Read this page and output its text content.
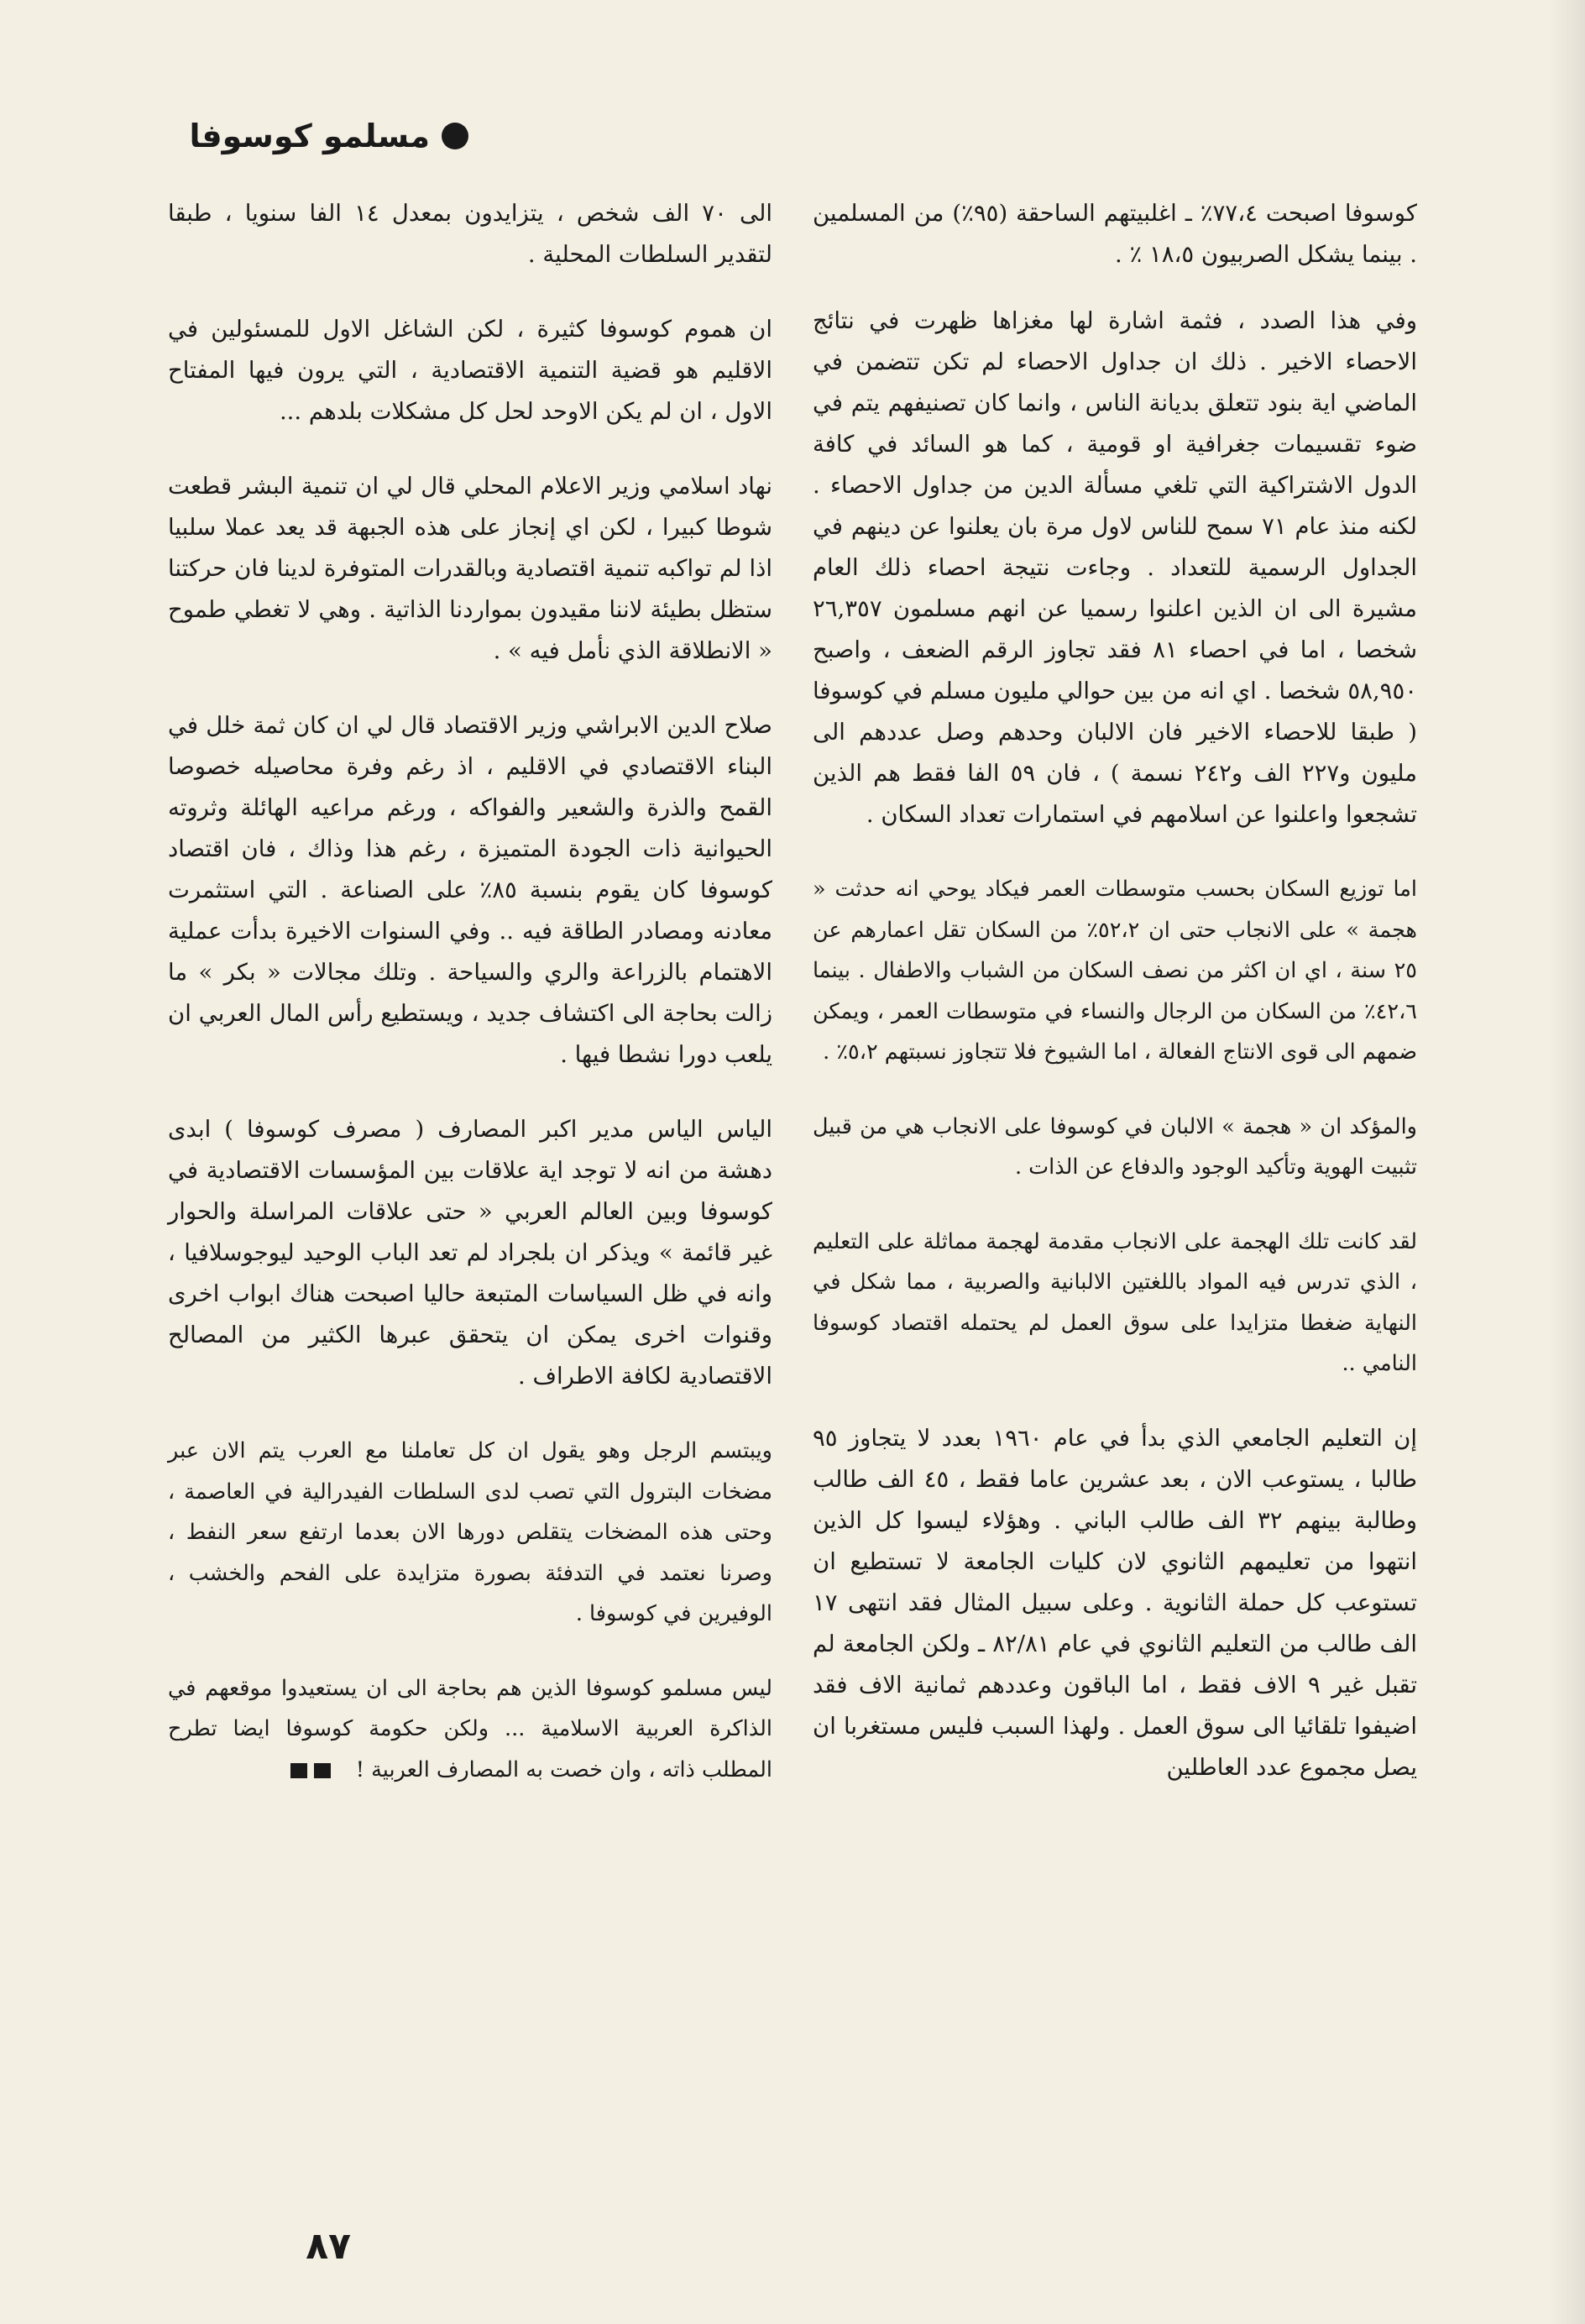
مسلمو كوسوفا

كوسوفا اصبحت ٧٧،٤٪ ـ اغلبيتهم الساحقة (٩٥٪) من المسلمين . بينما يشكل الصربيون ١٨،٥ ٪ .

وفي هذا الصدد ، فثمة اشارة لها مغزاها ظهرت في نتائج الاحصاء الاخير . ذلك ان جداول الاحصاء لم تكن تتضمن في الماضي اية بنود تتعلق بديانة الناس ، وانما كان تصنيفهم يتم في ضوء تقسيمات جغرافية او قومية ، كما هو السائد في كافة الدول الاشتراكية التي تلغي مسألة الدين من جداول الاحصاء . لكنه منذ عام ٧١ سمح للناس لاول مرة بان يعلنوا عن دينهم في الجداول الرسمية للتعداد . وجاءت نتيجة احصاء ذلك العام مشيرة الى ان الذين اعلنوا رسميا عن انهم مسلمون ٢٦,٣٥٧ شخصا ، اما في احصاء ٨١ فقد تجاوز الرقم الضعف ، واصبح ٥٨,٩٥٠ شخصا . اي انه من بين حوالي مليون مسلم في كوسوفا ( طبقا للاحصاء الاخير فان الالبان وحدهم وصل عددهم الى مليون و٢٢٧ الف و٢٤٢ نسمة ) ، فان ٥٩ الفا فقط هم الذين تشجعوا واعلنوا عن اسلامهم في استمارات تعداد السكان .

اما توزيع السكان بحسب متوسطات العمر فيكاد يوحي انه حدثت « هجمة » على الانجاب حتى ان ٥٢،٢٪ من السكان تقل اعمارهم عن ٢٥ سنة ، اي ان اكثر من نصف السكان من الشباب والاطفال . بينما ٤٢،٦٪ من السكان من الرجال والنساء في متوسطات العمر ، ويمكن ضمهم الى قوى الانتاج الفعالة ، اما الشيوخ فلا تتجاوز نسبتهم ٥،٢٪ .

والمؤكد ان « هجمة » الالبان في كوسوفا على الانجاب هي من قبيل تثبيت الهوية وتأكيد الوجود والدفاع عن الذات .

لقد كانت تلك الهجمة على الانجاب مقدمة لهجمة مماثلة على التعليم ، الذي تدرس فيه المواد باللغتين الالبانية والصربية ، مما شكل في النهاية ضغطا متزايدا على سوق العمل لم يحتمله اقتصاد كوسوفا النامي ..

إن التعليم الجامعي الذي بدأ في عام ١٩٦٠ بعدد لا يتجاوز ٩٥ طالبا ، يستوعب الان ، بعد عشرين عاما فقط ، ٤٥ الف طالب وطالبة بينهم ٣٢ الف طالب الباني . وهؤلاء ليسوا كل الذين انتهوا من تعليمهم الثانوي لان كليات الجامعة لا تستطيع ان تستوعب كل حملة الثانوية . وعلى سبيل المثال فقد انتهى ١٧ الف طالب من التعليم الثانوي في عام ٨٢/٨١ ـ ولكن الجامعة لم تقبل غير ٩ الاف فقط ، اما الباقون وعددهم ثمانية الاف فقد اضيفوا تلقائيا الى سوق العمل . ولهذا السبب فليس مستغربا ان يصل مجموع عدد العاطلين

الى ٧٠ الف شخص ، يتزايدون بمعدل ١٤ الفا سنويا ، طبقا لتقدير السلطات المحلية .

ان هموم كوسوفا كثيرة ، لكن الشاغل الاول للمسئولين في الاقليم هو قضية التنمية الاقتصادية ، التي يرون فيها المفتاح الاول ، ان لم يكن الاوحد لحل كل مشكلات بلدهم ...

نهاد اسلامي وزير الاعلام المحلي قال لي ان تنمية البشر قطعت شوطا كبيرا ، لكن اي إنجاز على هذه الجبهة قد يعد عملا سلبيا اذا لم تواكبه تنمية اقتصادية وبالقدرات المتوفرة لدينا فان حركتنا ستظل بطيئة لاننا مقيدون بمواردنا الذاتية . وهي لا تغطي طموح « الانطلاقة الذي نأمل فيه » .

صلاح الدين الابراشي وزير الاقتصاد قال لي ان كان ثمة خلل في البناء الاقتصادي في الاقليم ، اذ رغم وفرة محاصيله خصوصا القمح والذرة والشعير والفواكه ، ورغم مراعيه الهائلة وثروته الحيوانية ذات الجودة المتميزة ، رغم هذا وذاك ، فان اقتصاد كوسوفا كان يقوم بنسبة ٨٥٪ على الصناعة . التي استثمرت معادنه ومصادر الطاقة فيه .. وفي السنوات الاخيرة بدأت عملية الاهتمام بالزراعة والري والسياحة . وتلك مجالات « بكر » ما زالت بحاجة الى اكتشاف جديد ، ويستطيع رأس المال العربي ان يلعب دورا نشطا فيها .

الياس الياس مدير اكبر المصارف ( مصرف كوسوفا ) ابدى دهشة من انه لا توجد اية علاقات بين المؤسسات الاقتصادية في كوسوفا وبين العالم العربي « حتى علاقات المراسلة والحوار غير قائمة » ويذكر ان بلجراد لم تعد الباب الوحيد ليوجوسلافيا ، وانه في ظل السياسات المتبعة حاليا اصبحت هناك ابواب اخرى وقنوات اخرى يمكن ان يتحقق عبرها الكثير من المصالح الاقتصادية لكافة الاطراف .

ويبتسم الرجل وهو يقول ان كل تعاملنا مع العرب يتم الان عبر مضخات البترول التي تصب لدى السلطات الفيدرالية في العاصمة ، وحتى هذه المضخات يتقلص دورها الان بعدما ارتفع سعر النفط ، وصرنا نعتمد في التدفئة بصورة متزايدة على الفحم والخشب ، الوفيرين في كوسوفا .

ليس مسلمو كوسوفا الذين هم بحاجة الى ان يستعيدوا موقعهم في الذاكرة العربية الاسلامية ... ولكن حكومة كوسوفا ايضا تطرح المطلب ذاته ، وان خصت به المصارف العربية !

٨٧
